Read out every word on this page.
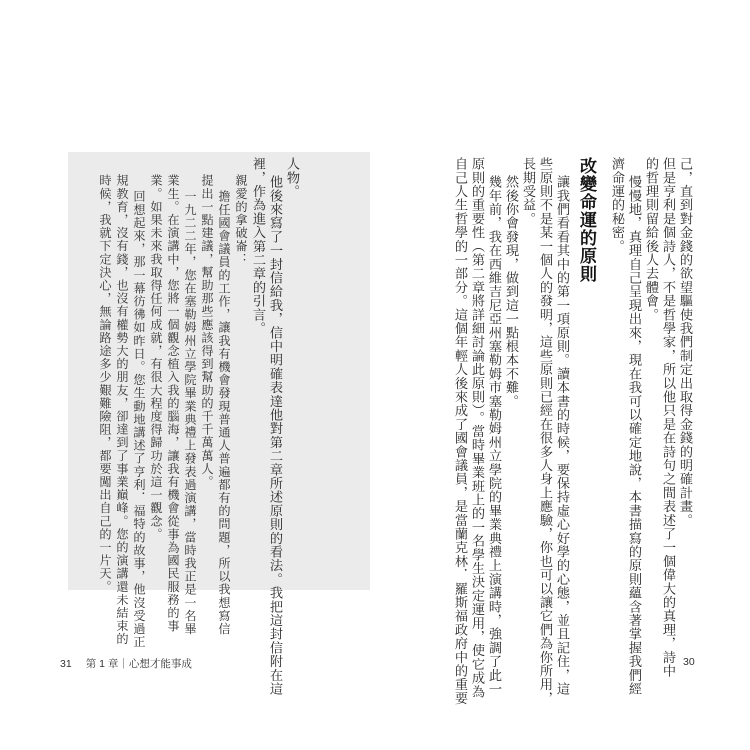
己，直到對金錢的欲望驅使我們制定出取得金錢的明確計畫。
但是亨利是個詩人，不是哲學家，所以他只是在詩句之間表述了一個偉大的真理，詩中
的哲理則留給後人去體會。
慢慢地，真理自己呈現出來，現在我可以確定地說，本書描寫的原則蘊含著掌握我們經
濟命運的秘密。
改變命運的原則
讓我們看看其中的第一項原則。讀本書的時候，要保持虛心好學的心態，並且記住，這
些原則不是某一個人的發明，這些原則已經在很多人身上應驗，你也可以讓它們為你所用，
長期受益。
然後你會發現，做到這一點根本不難。
幾年前，我在西維吉尼亞州塞勒姆市塞勒姆州立學院的畢業典禮上演講時，強調了此一
原則的重要性（第二章將詳細討論此原則）。當時畢業班上的一名學生決定運用，使它成為
自己人生哲學的一部分。這個年輕人後來成了國會議員，是當蘭克林．羅斯福政府中的重要
人物。
他後來寫了一封信給我，信中明確表達他對第二章所述原則的看法。我把這封信附在這
裡，作為進入第二章的引言。
親愛的拿破崙：
擔任國會議員的工作，讓我有機會發現普通人普遍都有的問題，所以我想寫信
提出一點建議，幫助那些應該得到幫助的千千萬萬人。
一九二二年，您在塞勒姆州立學院畢業典禮上發表過演講，當時我正是一名畢
業生。在演講中，您將一個觀念植入我的腦海，讓我有機會從事為國民服務的事
業。如果未來我取得任何成就，有很大程度得歸功於這一觀念。
回想起來，那一幕彷彿如昨日。您生動地講述了亨利．福特的故事，他沒受過正
規教育，沒有錢，也沒有權勢大的朋友，卻達到了事業巔峰。您的演講還未結束的
時候，我就下定決心，無論路途多少艱難險阻，都要闖出自己的一片天。
31 第 1 章｜心想才能事成	30
